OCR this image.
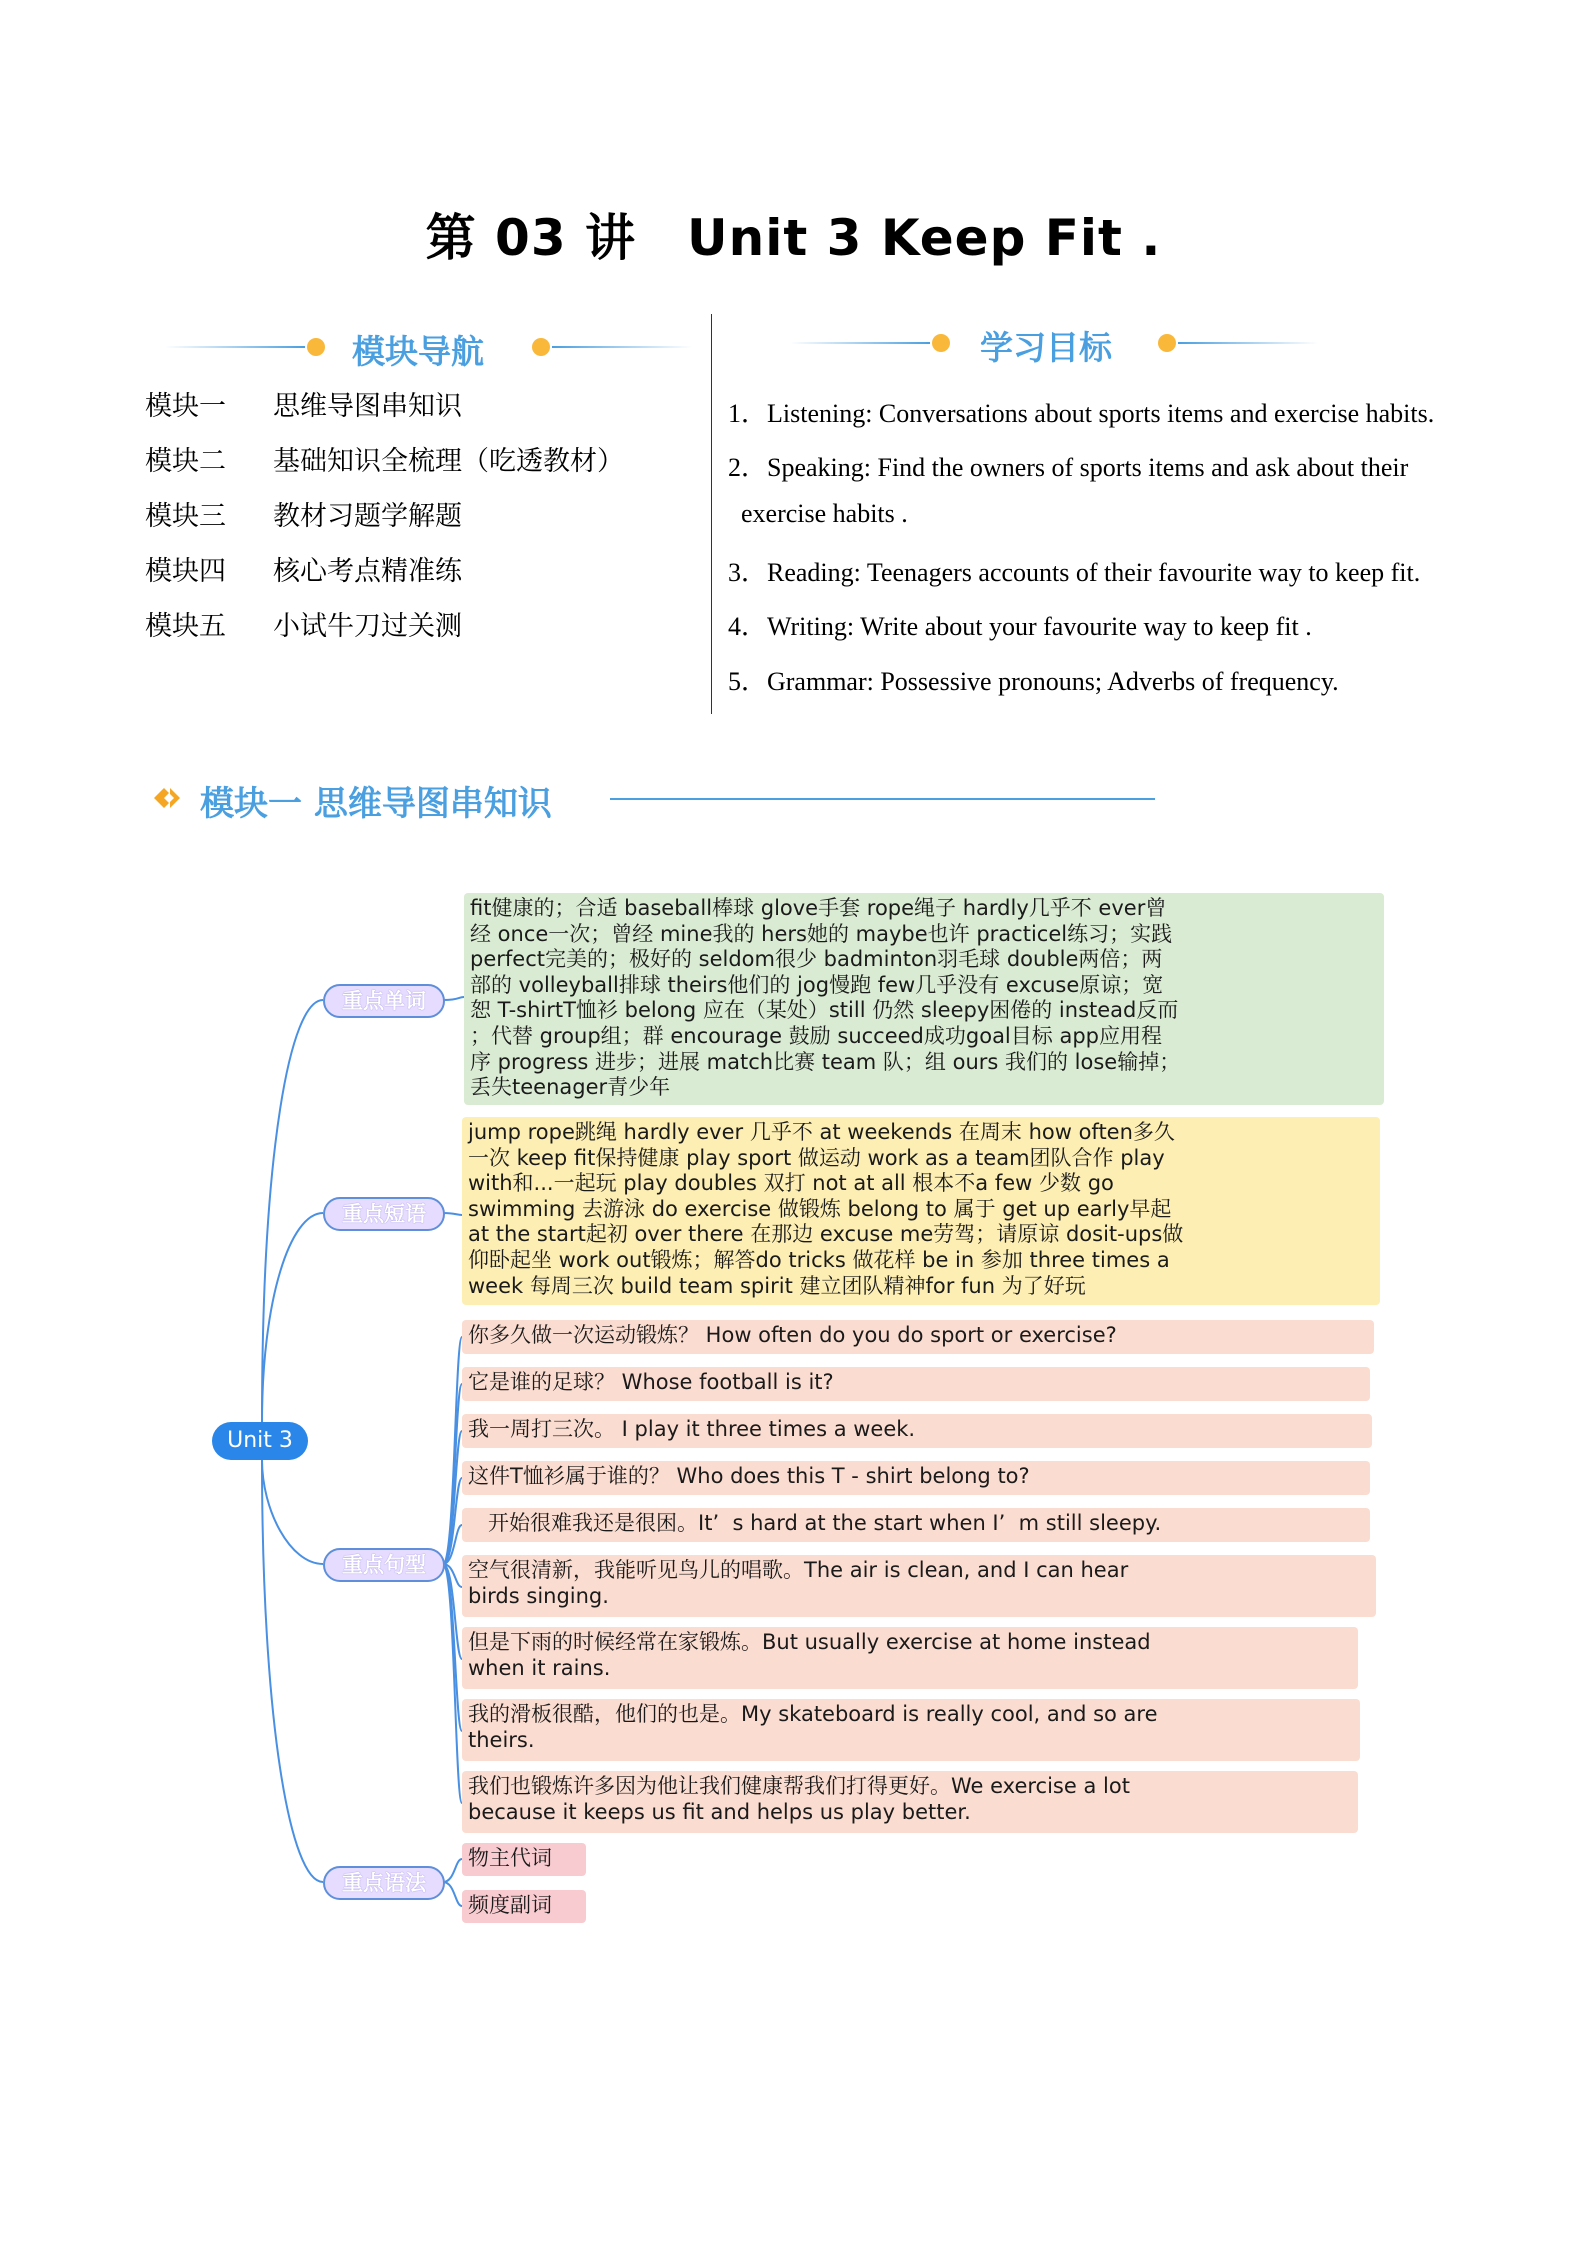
第 03 讲　Unit 3 Keep Fit .
模块导航
模块一 思维导图串知识
模块二 基础知识全梳理（吃透教材）
模块三 教材习题学解题
模块四 核心考点精准练
模块五 小试牛刀过关测
学习目标
1．Listening: Conversations about sports items and exercise habits.
2．Speaking: Find the owners of sports items and ask about their
exercise habits .
3．Reading: Teenagers accounts of their favourite way to keep fit.
4．Writing: Write about your favourite way to keep fit .
5．Grammar: Possessive pronouns; Adverbs of frequency.
模块一 思维导图串知识
Unit 3
重点单词
重点短语
重点句型
重点语法
fit健康的；合适 baseball棒球 glove手套 rope绳子 hardly几乎不 ever曾
经 once一次；曾经 mine我的 hers她的 maybe也许 practicel练习；实践
perfect完美的；极好的 seldom很少 badminton羽毛球 double两倍；两
部的 volleyball排球 theirs他们的 jog慢跑 few几乎没有 excuse原谅；宽
恕 T-shirtT恤衫 belong 应在（某处）still 仍然 sleepy困倦的 instead反而
；代替 group组；群 encourage 鼓励 succeed成功goal目标 app应用程
序 progress 进步；进展 match比赛 team 队；组 ours 我们的 lose输掉；
丢失teenager青少年
jump rope跳绳 hardly ever 几乎不 at weekends 在周末 how often多久
一次 keep fit保持健康 play sport 做运动 work as a team团队合作 play
with和...一起玩 play doubles 双打 not at all 根本不a few 少数 go
swimming 去游泳 do exercise 做锻炼 belong to 属于 get up early早起
at the start起初 over there 在那边 excuse me劳驾；请原谅 dosit-ups做
仰卧起坐 work out锻炼；解答do tricks 做花样 be in 参加 three times a
week 每周三次 build team spirit 建立团队精神for fun 为了好玩
你多久做一次运动锻炼？ How often do you do sport or exercise?
它是谁的足球？ Whose football is it?
我一周打三次。 I play it three times a week.
这件T恤衫属于谁的？ Who does this T - shirt belong to?
开始很难我还是很困。It’  s hard at the start when I’  m still sleepy.
空气很清新，我能听见鸟儿的唱歌。The air is clean, and I can hear
birds singing.
但是下雨的时候经常在家锻炼。But usually exercise at home instead
when it rains.
我的滑板很酷，他们的也是。My skateboard is really cool, and so are
theirs.
我们也锻炼许多因为他让我们健康帮我们打得更好。We exercise a lot
because it keeps us fit and helps us play better.
物主代词
频度副词
